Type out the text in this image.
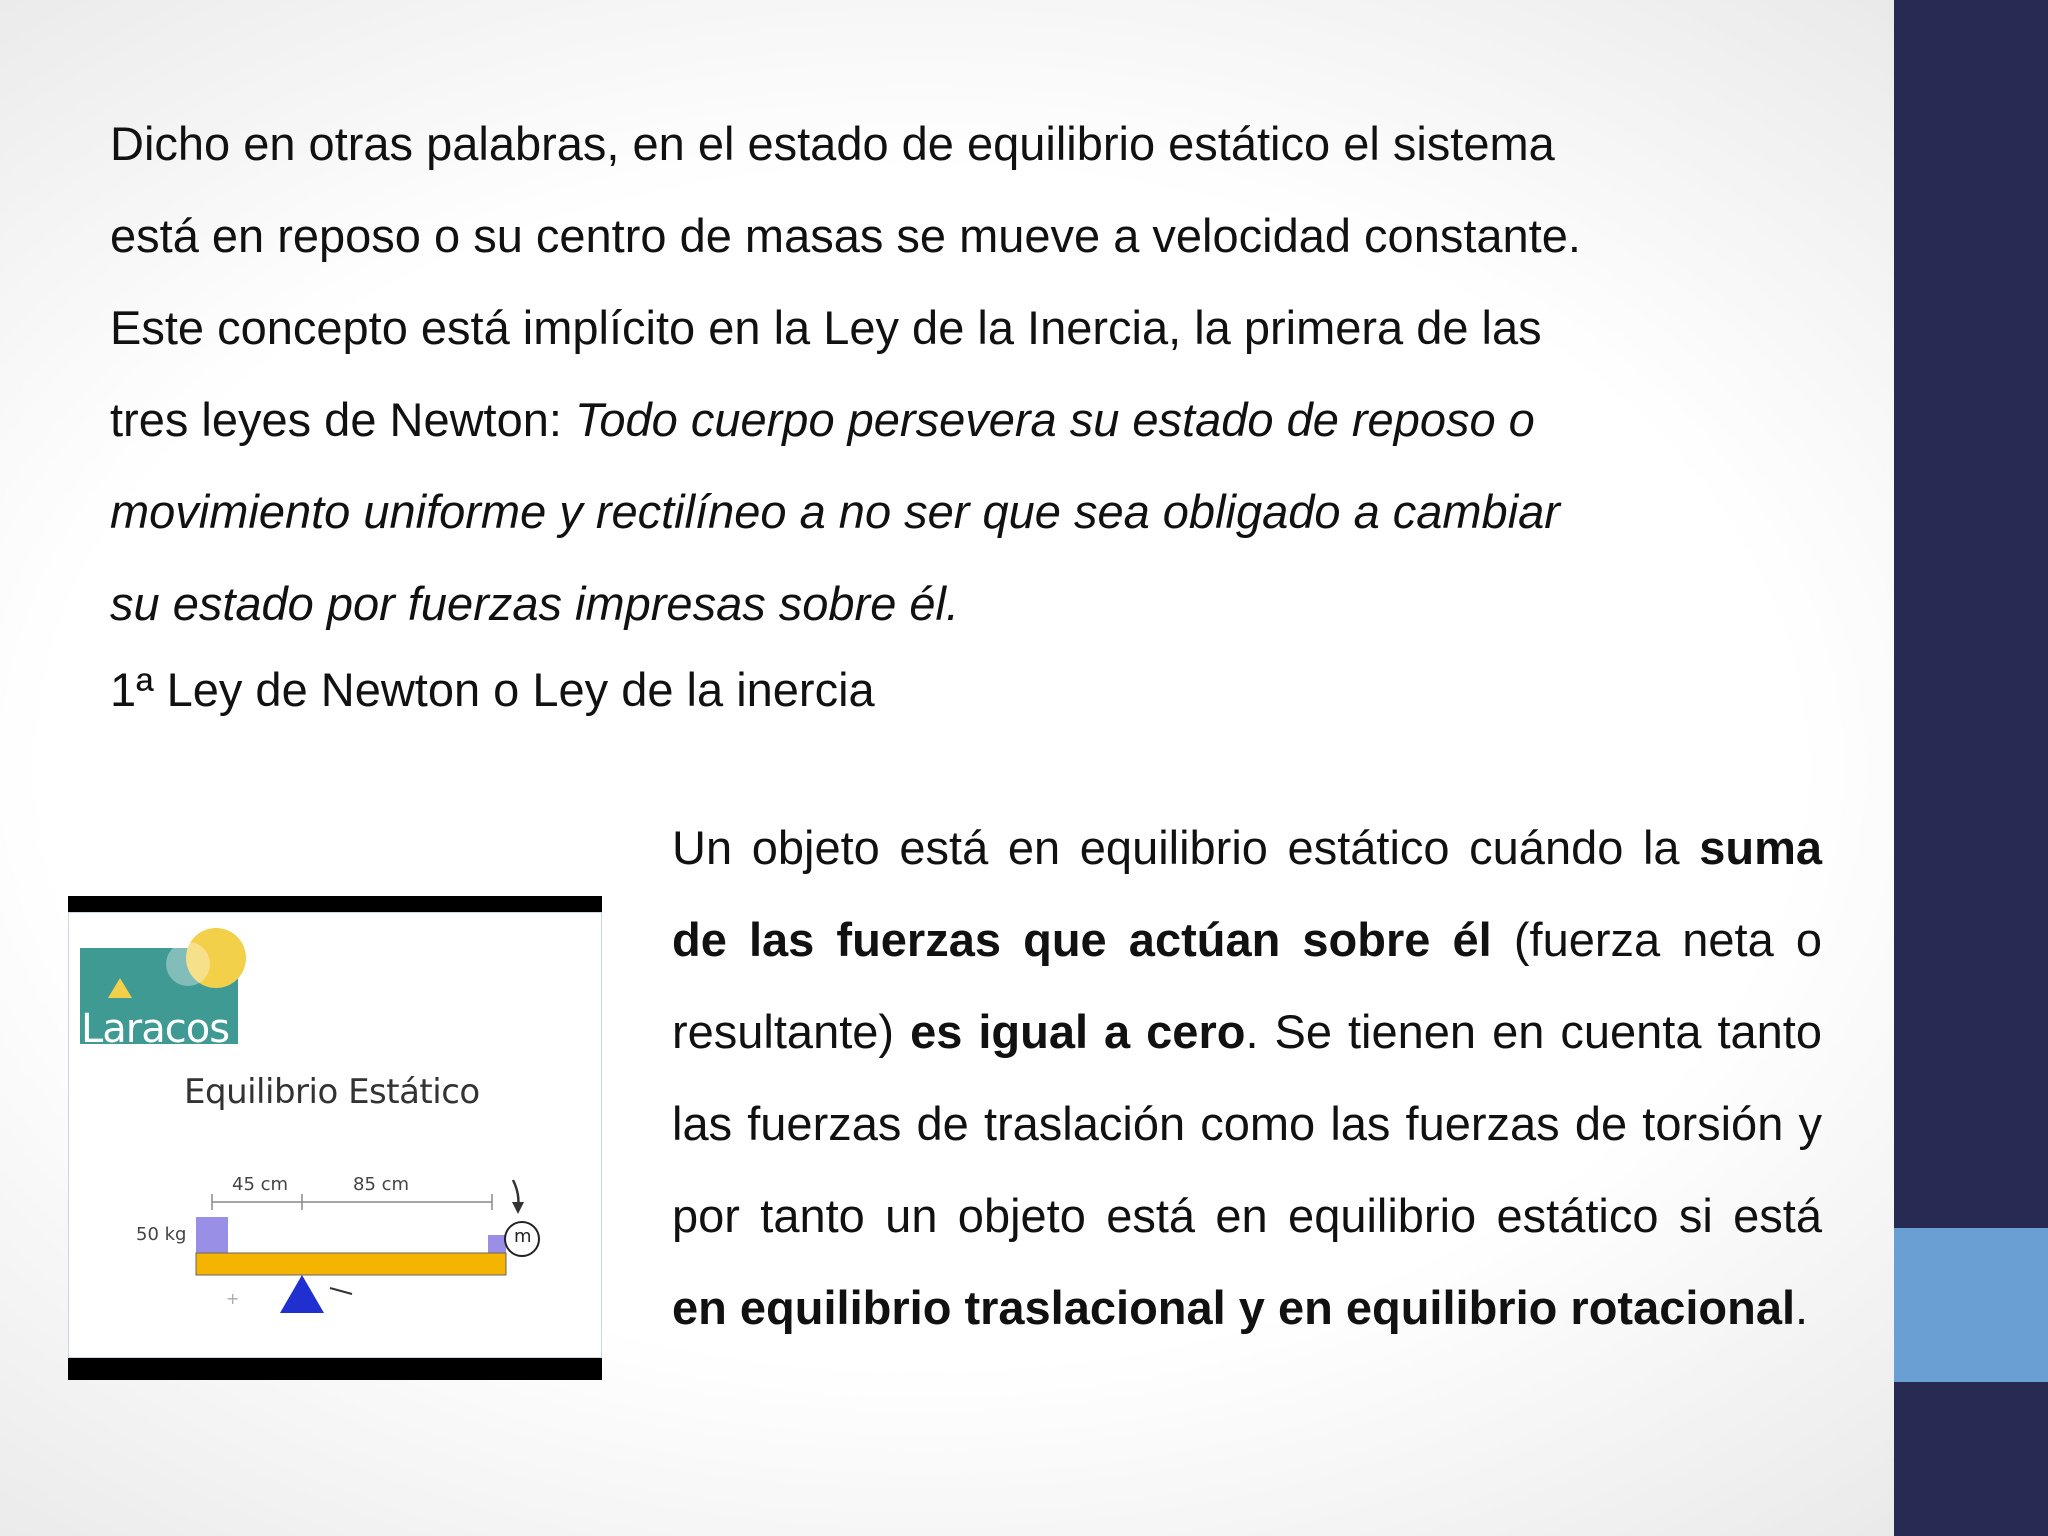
Dicho en otras palabras, en el estado de equilibrio estático el sistema
está en reposo o su centro de masas se mueve a velocidad constante.
Este concepto está implícito en la Ley de la Inercia, la primera de las
tres leyes de Newton: Todo cuerpo persevera su estado de reposo o
movimiento uniforme y rectilíneo a no ser que sea obligado a cambiar
su estado por fuerzas impresas sobre él.

1ª Ley de Newton o Ley de la inercia

+
Laracos
Equilibrio Estático
45 cm	85 cm
50 kg	m

Un objeto está en equilibrio estático cuándo la suma de las fuerzas que actúan sobre él (fuerza neta o resultante) es igual a cero. Se tienen en cuenta tanto las fuerzas de traslación como las fuerzas de torsión y por tanto un objeto está en equilibrio estático si está en equilibrio traslacional y en equilibrio rotacional.
